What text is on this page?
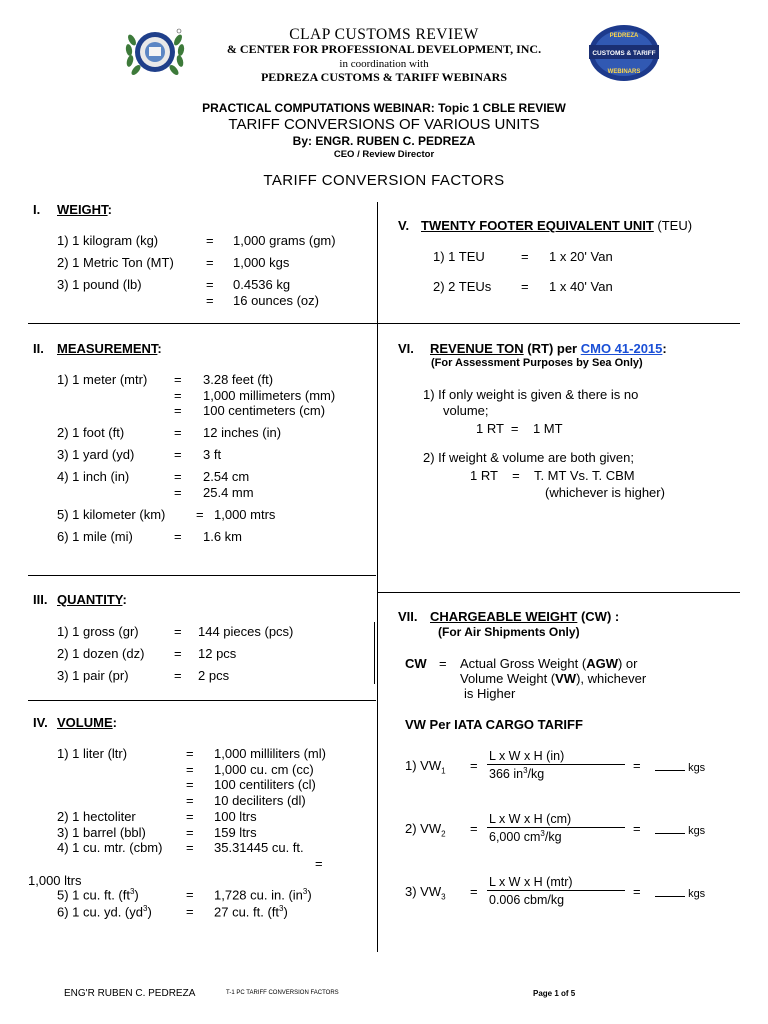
PEDREZA
CUSTOMS & TARIFF
WEBINARS
CLAP CUSTOMS REVIEW
& CENTER FOR PROFESSIONAL DEVELOPMENT, INC.
in coordination with
PEDREZA CUSTOMS & TARIFF WEBINARS
PRACTICAL COMPUTATIONS WEBINAR: Topic 1 CBLE REVIEW
TARIFF CONVERSIONS OF VARIOUS UNITS
By: ENGR. RUBEN C. PEDREZA
CEO / Review Director
TARIFF CONVERSION FACTORS
I. WEIGHT:
1) 1 kilogram (kg)	= 1,000 grams (gm)
2) 1 Metric Ton (MT) = 1,000 kgs
3) 1 pound (lb)	= 0.4536 kg
= 16 ounces (oz)
II. MEASUREMENT:
1) 1 meter (mtr) = 3.28 feet (ft)
= 1,000 millimeters (mm)
= 100 centimeters (cm)
2) 1 foot (ft)	= 12 inches (in)
3) 1 yard (yd)	= 3 ft
4) 1 inch (in)	= 2.54 cm
= 25.4 mm
5) 1 kilometer (km) = 1,000 mtrs
6) 1 mile (mi)	= 1.6 km
III. QUANTITY:
1) 1 gross (gr)	= 144 pieces (pcs)
2) 1 dozen (dz) = 12 pcs
3) 1 pair (pr)	= 2 pcs
IV. VOLUME:
1) 1 liter (ltr)	= 1,000 milliliters (ml)
= 1,000 cu. cm (cc)
= 100 centiliters (cl)
= 10 deciliters (dl)
2) 1 hectoliter	= 100 ltrs
3) 1 barrel (bbl)	= 159 ltrs
4) 1 cu. mtr. (cbm) = 35.31445 cu. ft.
=
1,000 ltrs
5) 1 cu. ft. $(ft^3)$	= 1,728 cu. in. $(in^3)$
6) 1 cu. yd. $(yd^3)$	= 27 cu. ft. $(ft^3)$
V. TWENTY FOOTER EQUIVALENT UNIT (TEU)
1) 1 TEU	= 1 x 20' Van
2) 2 TEUs = 1 x 40' Van
VI. REVENUE TON (RT) per CMO 41-2015:
(For Assessment Purposes by Sea Only)
1) If only weight is given & there is no
volume;
1 RT  =    1 MT
2) If weight & volume are both given;
1 RT    =    T. MT Vs. T. CBM
(whichever is higher)
VII. CHARGEABLE WEIGHT (CW) :
(For Air Shipments Only)
CW = Actual Gross Weight (AGW) or
Volume Weight (VW), whichever
is Higher
VW Per IATA CARGO TARIFF
1) $VW_1 = \frac{\text{L x W x H (in)}}{366 in^3/kg}$ =	kgs
2) $VW_2 = \frac{\text{L x W x H (cm)}}{6,000 cm^3/kg}$ =	kgs
3) $VW_3$ =
L x W x H (mtr)
0.006 cbm/kg
=	kgs
ENG'R RUBEN C. PEDREZA	T-1 PC TARIFF CONVERSION FACTORS	Page 1 of 5
